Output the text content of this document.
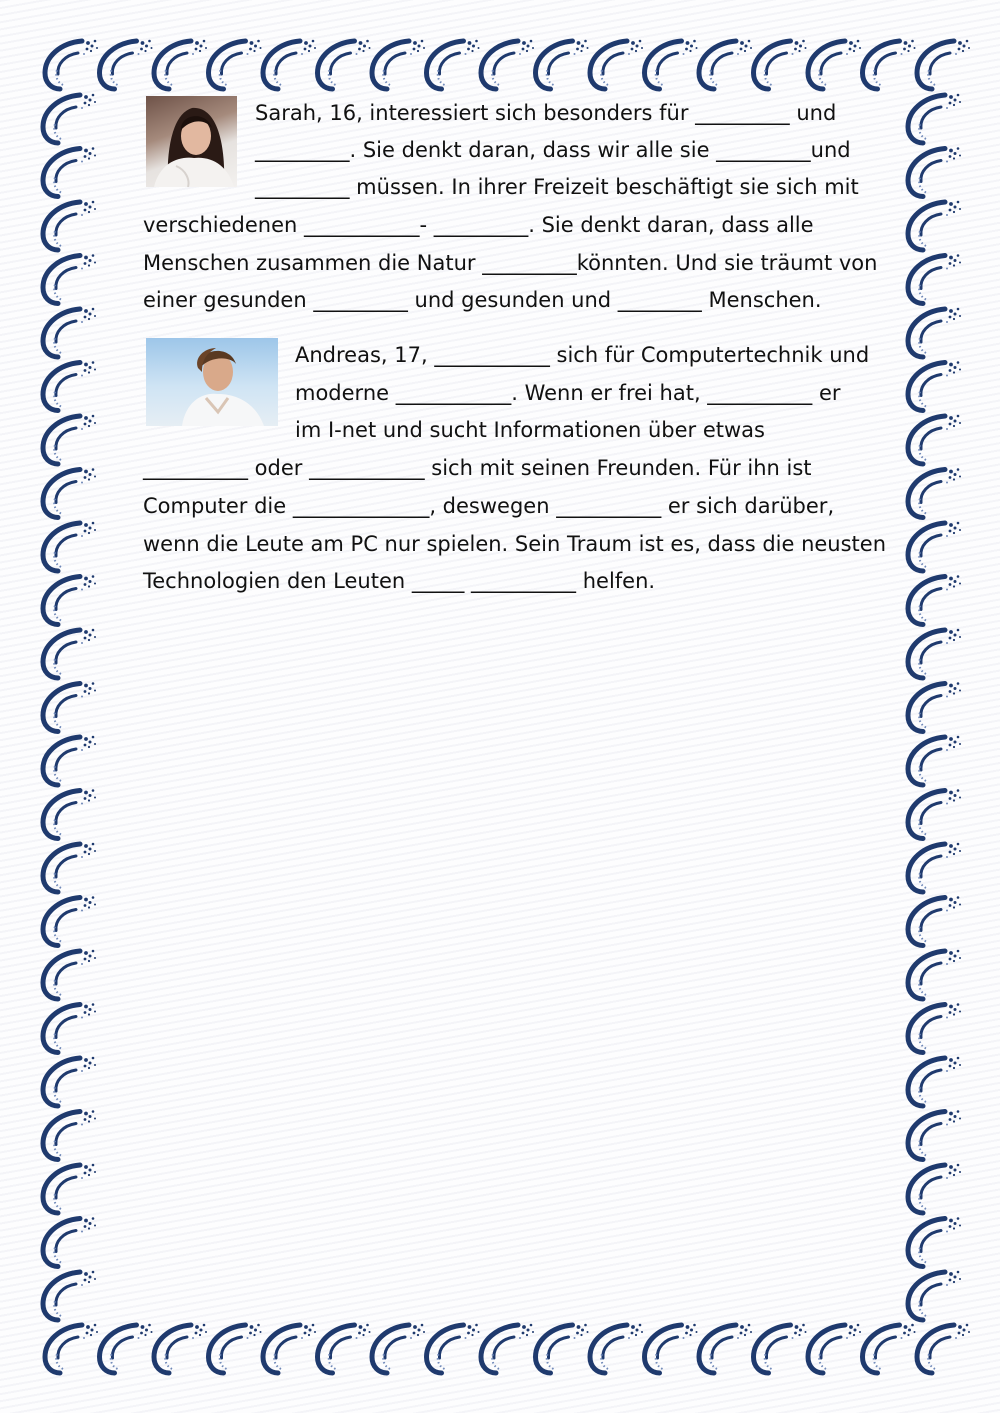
Sarah, 16, interessiert sich besonders für _________ und
_________. Sie denkt daran, dass wir alle sie _________und
_________ müssen. In ihrer Freizeit beschäftigt sie sich mit
verschiedenen ___________- _________. Sie denkt daran, dass alle
Menschen zusammen die Natur _________könnten. Und sie träumt von
einer gesunden _________ und gesunden und ________ Menschen.
Andreas, 17, ___________ sich für Computertechnik und
moderne ___________. Wenn er frei hat, __________ er
im I-net und sucht Informationen über etwas
__________ oder ___________ sich mit seinen Freunden. Für ihn ist
Computer die _____________, deswegen __________ er sich darüber,
wenn die Leute am PC nur spielen. Sein Traum ist es, dass die neusten
Technologien den Leuten _____ __________ helfen.
